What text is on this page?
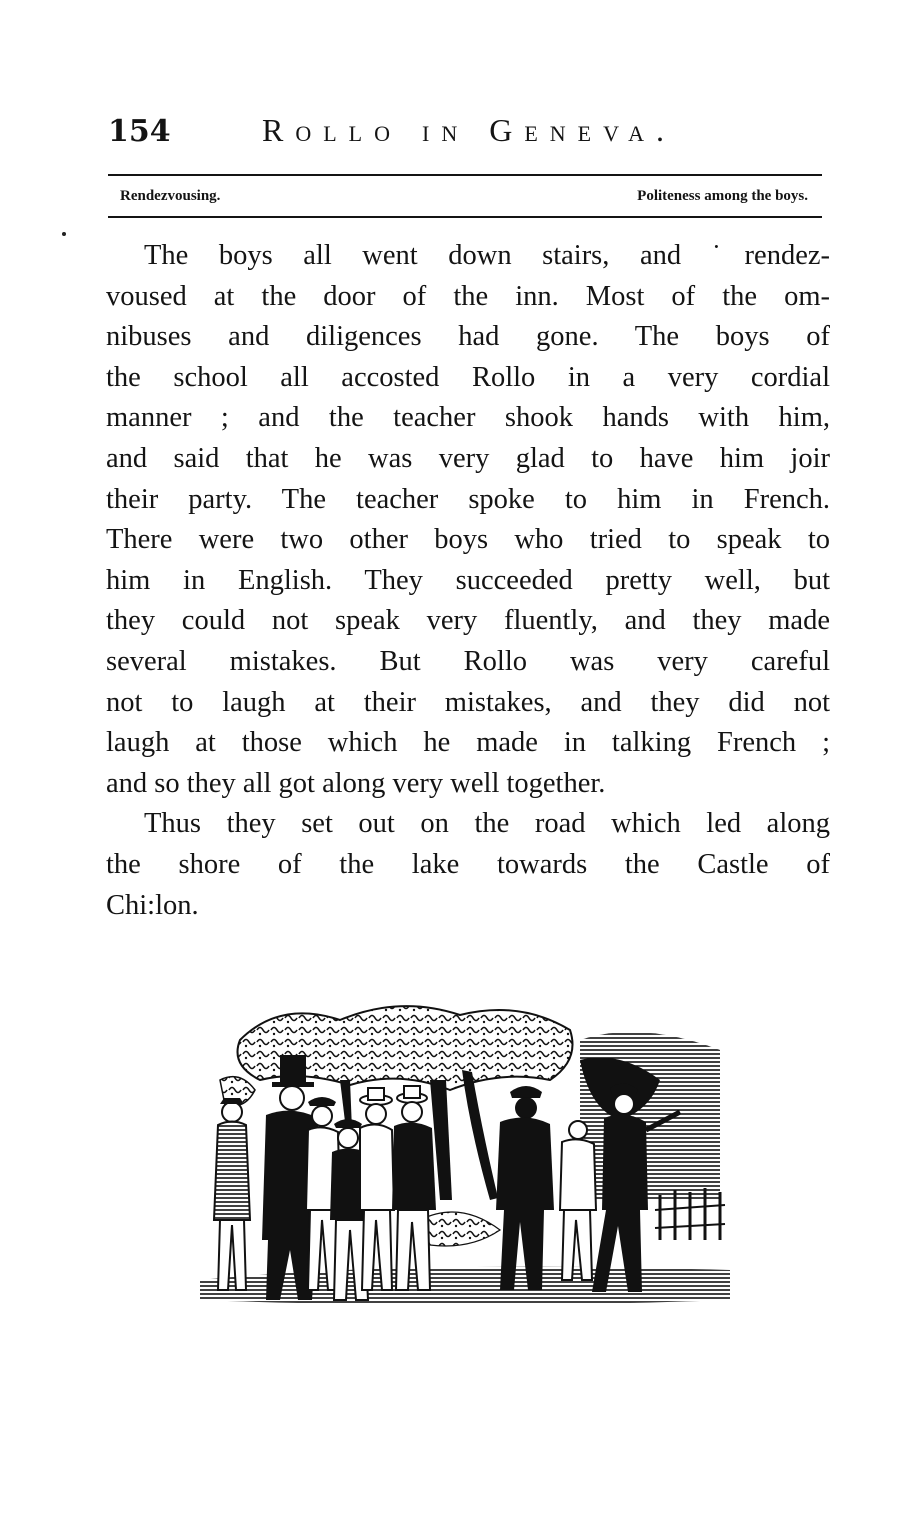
154	Rollo in Geneva.
Rendezvousing.	Politeness among the boys.
The boys all went down stairs, and ˙rendez-
voused at the door of the inn. Most of the om-
nibuses and diligences had gone. The boys of
the school all accosted Rollo in a very cordial
manner ; and the teacher shook hands with him,
and said that he was very glad to have him joir
their party. The teacher spoke to him in French.
There were two other boys who tried to speak to
him in English. They succeeded pretty well, but
they could not speak very fluently, and they made
several mistakes. But Rollo was very careful
not to laugh at their mistakes, and they did not
laugh at those which he made in talking French ;
and so they all got along very well together.
Thus they set out on the road which led along
the shore of the lake towards the Castle of
Chi:lon.
